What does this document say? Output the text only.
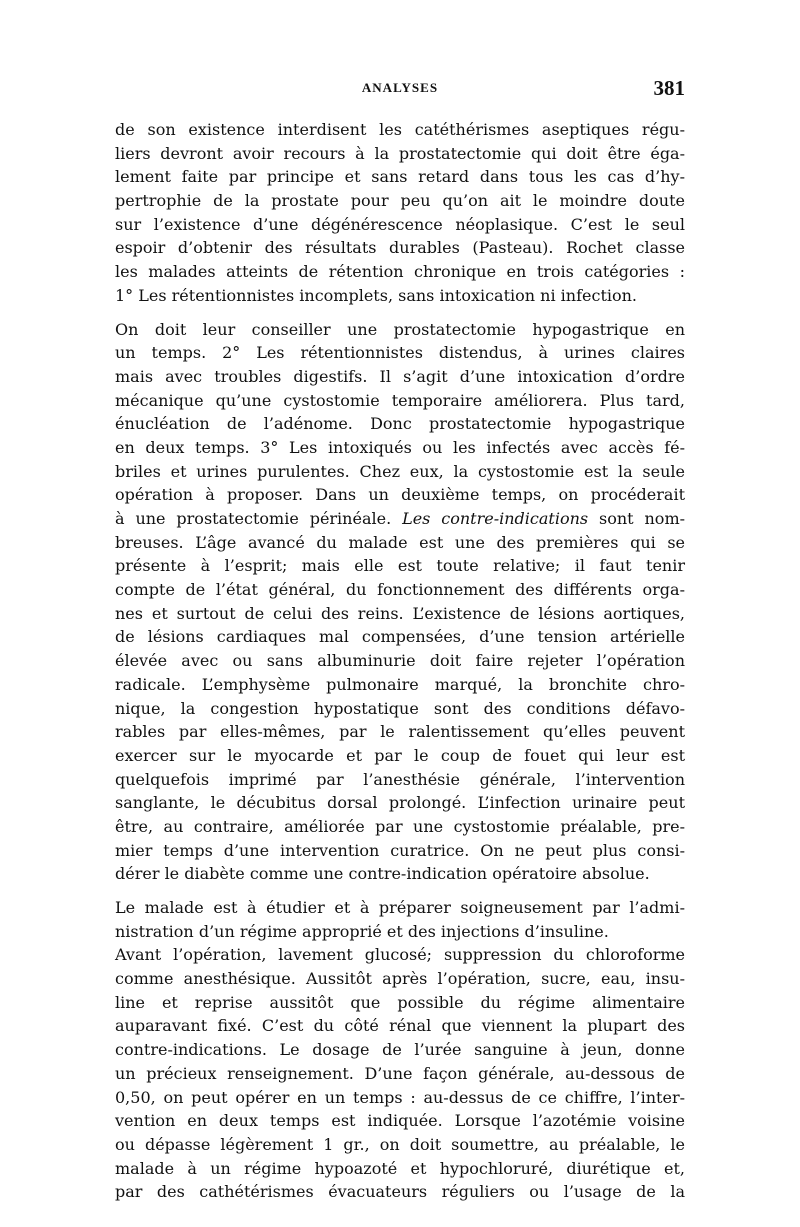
ANALYSES	381

de son existence interdisent les catéthérismes aseptiques régu-
liers devront avoir recours à la prostatectomie qui doit être éga-
lement faite par principe et sans retard dans tous les cas d’hy-
pertrophie de la prostate pour peu qu’on ait le moindre doute
sur l’existence d’une dégénérescence néoplasique. C’est le seul
espoir d’obtenir des résultats durables (Pasteau). Rochet classe
les malades atteints de rétention chronique en trois catégories :
1° Les rétentionnistes incomplets, sans intoxication ni infection.

On doit leur conseiller une prostatectomie hypogastrique en
un temps. 2° Les rétentionnistes distendus, à urines claires
mais avec troubles digestifs. Il s’agit d’une intoxication d’ordre
mécanique qu’une cystostomie temporaire améliorera. Plus tard,
énucléation de l’adénome. Donc prostatectomie hypogastrique
en deux temps. 3° Les intoxiqués ou les infectés avec accès fé-
briles et urines purulentes. Chez eux, la cystostomie est la seule
opération à proposer. Dans un deuxième temps, on procéderait
à une prostatectomie périnéale. Les contre-indications sont nom-
breuses. L’âge avancé du malade est une des premières qui se
présente à l’esprit; mais elle est toute relative; il faut tenir
compte de l’état général, du fonctionnement des différents orga-
nes et surtout de celui des reins. L’existence de lésions aortiques,
de lésions cardiaques mal compensées, d’une tension artérielle
élevée avec ou sans albuminurie doit faire rejeter l’opération
radicale. L’emphysème pulmonaire marqué, la bronchite chro-
nique, la congestion hypostatique sont des conditions défavo-
rables par elles-mêmes, par le ralentissement qu’elles peuvent
exercer sur le myocarde et par le coup de fouet qui leur est
quelquefois imprimé par l’anesthésie générale, l’intervention
sanglante, le décubitus dorsal prolongé. L’infection urinaire peut
être, au contraire, améliorée par une cystostomie préalable, pre-
mier temps d’une intervention curatrice. On ne peut plus consi-
dérer le diabète comme une contre-indication opératoire absolue.

Le malade est à étudier et à préparer soigneusement par l’admi-
nistration d’un régime approprié et des injections d’insuline.
Avant l’opération, lavement glucosé; suppression du chloroforme
comme anesthésique. Aussitôt après l’opération, sucre, eau, insu-
line et reprise aussitôt que possible du régime alimentaire
auparavant fixé. C’est du côté rénal que viennent la plupart des
contre-indications. Le dosage de l’urée sanguine à jeun, donne
un précieux renseignement. D’une façon générale, au-dessous de
0,50, on peut opérer en un temps : au-dessus de ce chiffre, l’inter-
vention en deux temps est indiquée. Lorsque l’azotémie voisine
ou dépasse légèrement 1 gr., on doit soumettre, au préalable, le
malade à un régime hypoazoté et hypochloruré, diurétique et,
par des cathétérismes évacuateurs réguliers ou l’usage de la
